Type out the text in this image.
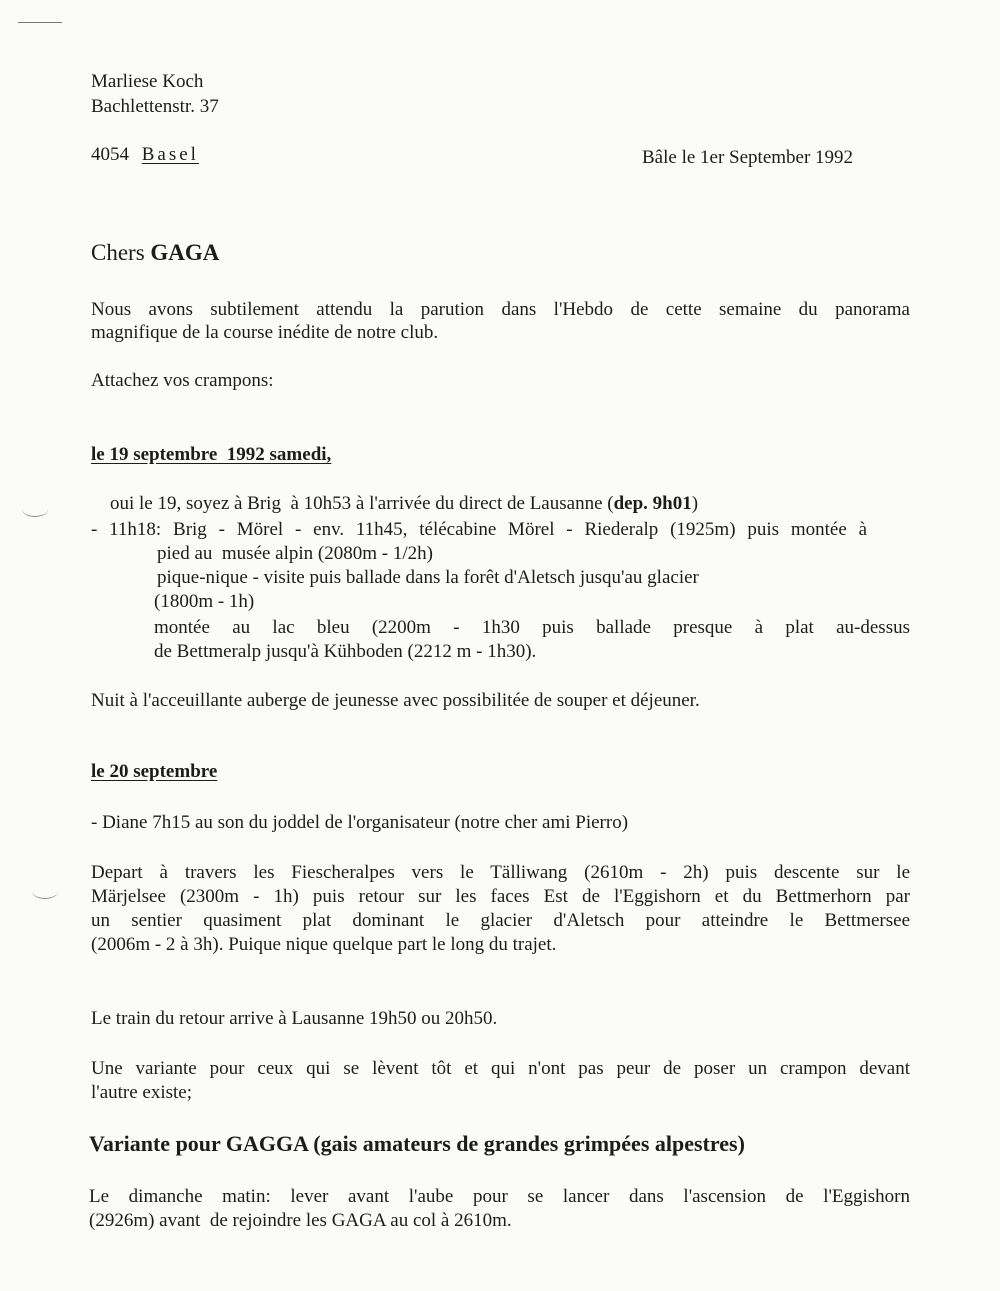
Marliese Koch
Bachlettenstr. 37
4054 Basel	Bâle le 1er September 1992
Chers GAGA
Nous avons subtilement attendu la parution dans l'Hebdo de cette semaine du panorama
magnifique de la course inédite de notre club.
Attachez vos crampons:
le 19 septembre  1992 samedi,

oui le 19, soyez à Brig  à 10h53 à l'arrivée du direct de Lausanne (dep. 9h01)

- 11h18: Brig - Mörel - env. 11h45, télécabine Mörel - Riederalp (1925m) puis montée à
pied au  musée alpin (2080m - 1/2h)
pique-nique - visite puis ballade dans la forêt d'Aletsch jusqu'au glacier
(1800m - 1h)
montée au lac bleu (2200m - 1h30 puis ballade presque à plat au-dessus
de Bettmeralp jusqu'à Kühboden (2212 m - 1h30).
Nuit à l'acceuillante auberge de jeunesse avec possibilitée de souper et déjeuner.
le 20 septembre
- Diane 7h15 au son du joddel de l'organisateur (notre cher ami Pierro)
Depart à travers les Fiescheralpes vers le Tälliwang (2610m - 2h) puis descente sur le
Märjelsee (2300m - 1h) puis retour sur les faces Est de l'Eggishorn et du Bettmerhorn par
un sentier quasiment plat dominant le glacier d'Aletsch pour atteindre le Bettmersee
(2006m - 2 à 3h). Puique nique quelque part le long du trajet.
Le train du retour arrive à Lausanne 19h50 ou 20h50.
Une variante pour ceux qui se lèvent tôt et qui n'ont pas peur de poser un crampon devant
l'autre existe;
Variante pour GAGGA (gais amateurs de grandes grimpées alpestres)
Le dimanche matin: lever avant l'aube pour se lancer dans l'ascension de l'Eggishorn
(2926m) avant  de rejoindre les GAGA au col à 2610m.
